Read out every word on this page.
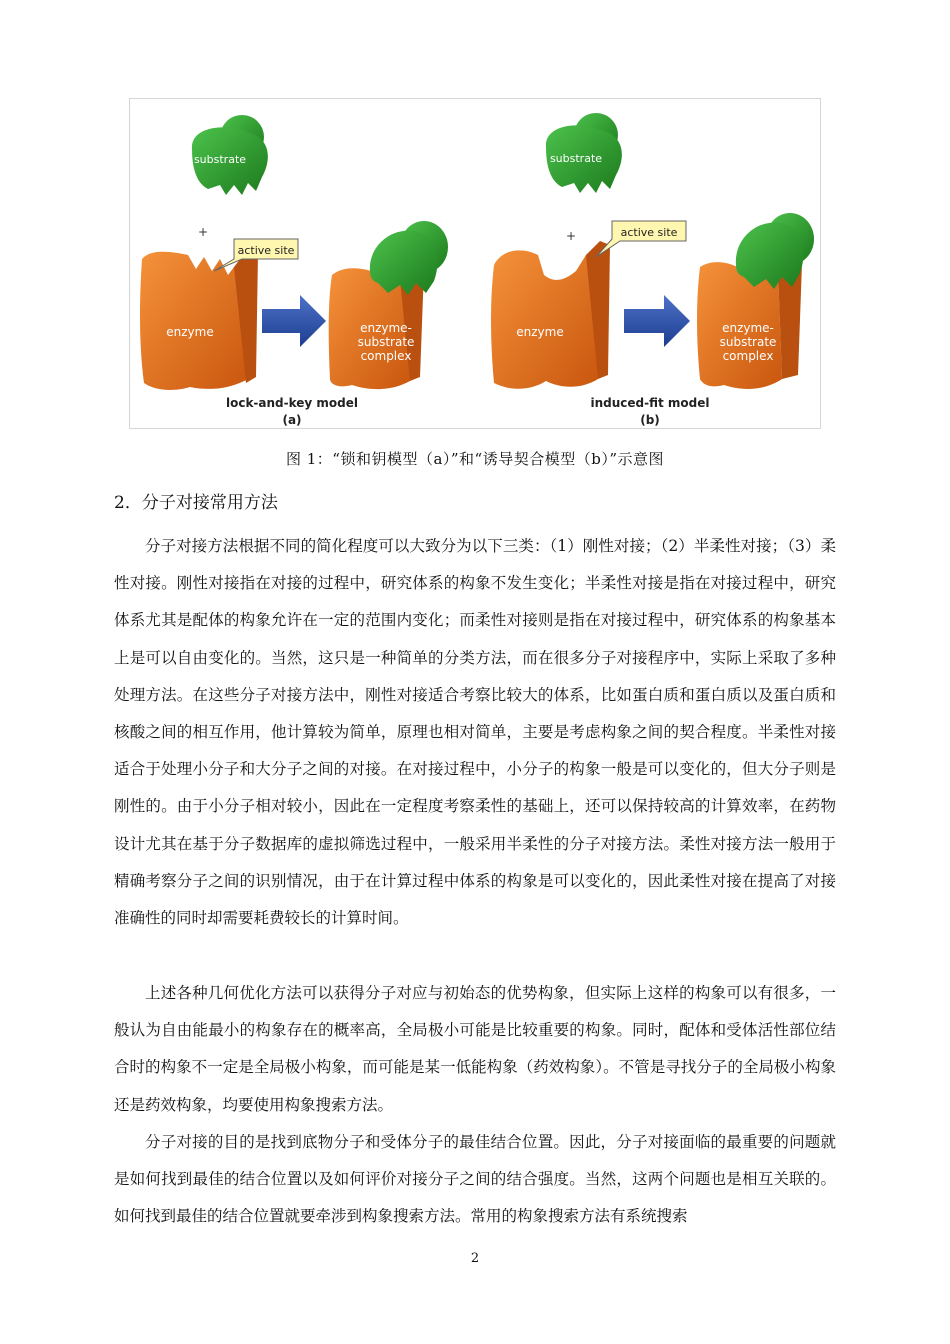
substrate
+
enzyme
active site
enzyme-
substrate
complex
lock-and-key model
(a)
substrate
+
enzyme
active site
enzyme-
substrate
complex
induced-fit model
(b)
图 1：“锁和钥模型（a）”和“诱导契合模型（b）”示意图
2．分子对接常用方法

分子对接方法根据不同的简化程度可以大致分为以下三类：（1）刚性对接；（2）半柔性对接；（3）柔性对接。刚性对接指在对接的过程中，研究体系的构象不发生变化；半柔性对接是指在对接过程中，研究体系尤其是配体的构象允许在一定的范围内变化；而柔性对接则是指在对接过程中，研究体系的构象基本上是可以自由变化的。当然，这只是一种简单的分类方法，而在很多分子对接程序中，实际上采取了多种处理方法。在这些分子对接方法中，刚性对接适合考察比较大的体系，比如蛋白质和蛋白质以及蛋白质和核酸之间的相互作用，他计算较为简单，原理也相对简单，主要是考虑构象之间的契合程度。半柔性对接适合于处理小分子和大分子之间的对接。在对接过程中，小分子的构象一般是可以变化的，但大分子则是刚性的。由于小分子相对较小，因此在一定程度考察柔性的基础上，还可以保持较高的计算效率，在药物设计尤其在基于分子数据库的虚拟筛选过程中，一般采用半柔性的分子对接方法。柔性对接方法一般用于精确考察分子之间的识别情况，由于在计算过程中体系的构象是可以变化的，因此柔性对接在提高了对接准确性的同时却需要耗费较长的计算时间。

上述各种几何优化方法可以获得分子对应与初始态的优势构象，但实际上这样的构象可以有很多，一般认为自由能最小的构象存在的概率高，全局极小可能是比较重要的构象。同时，配体和受体活性部位结合时的构象不一定是全局极小构象，而可能是某一低能构象（药效构象）。不管是寻找分子的全局极小构象还是药效构象，均要使用构象搜索方法。

分子对接的目的是找到底物分子和受体分子的最佳结合位置。因此，分子对接面临的最重要的问题就是如何找到最佳的结合位置以及如何评价对接分子之间的结合强度。当然，这两个问题也是相互关联的。如何找到最佳的结合位置就要牵涉到构象搜索方法。常用的构象搜索方法有系统搜索

2
